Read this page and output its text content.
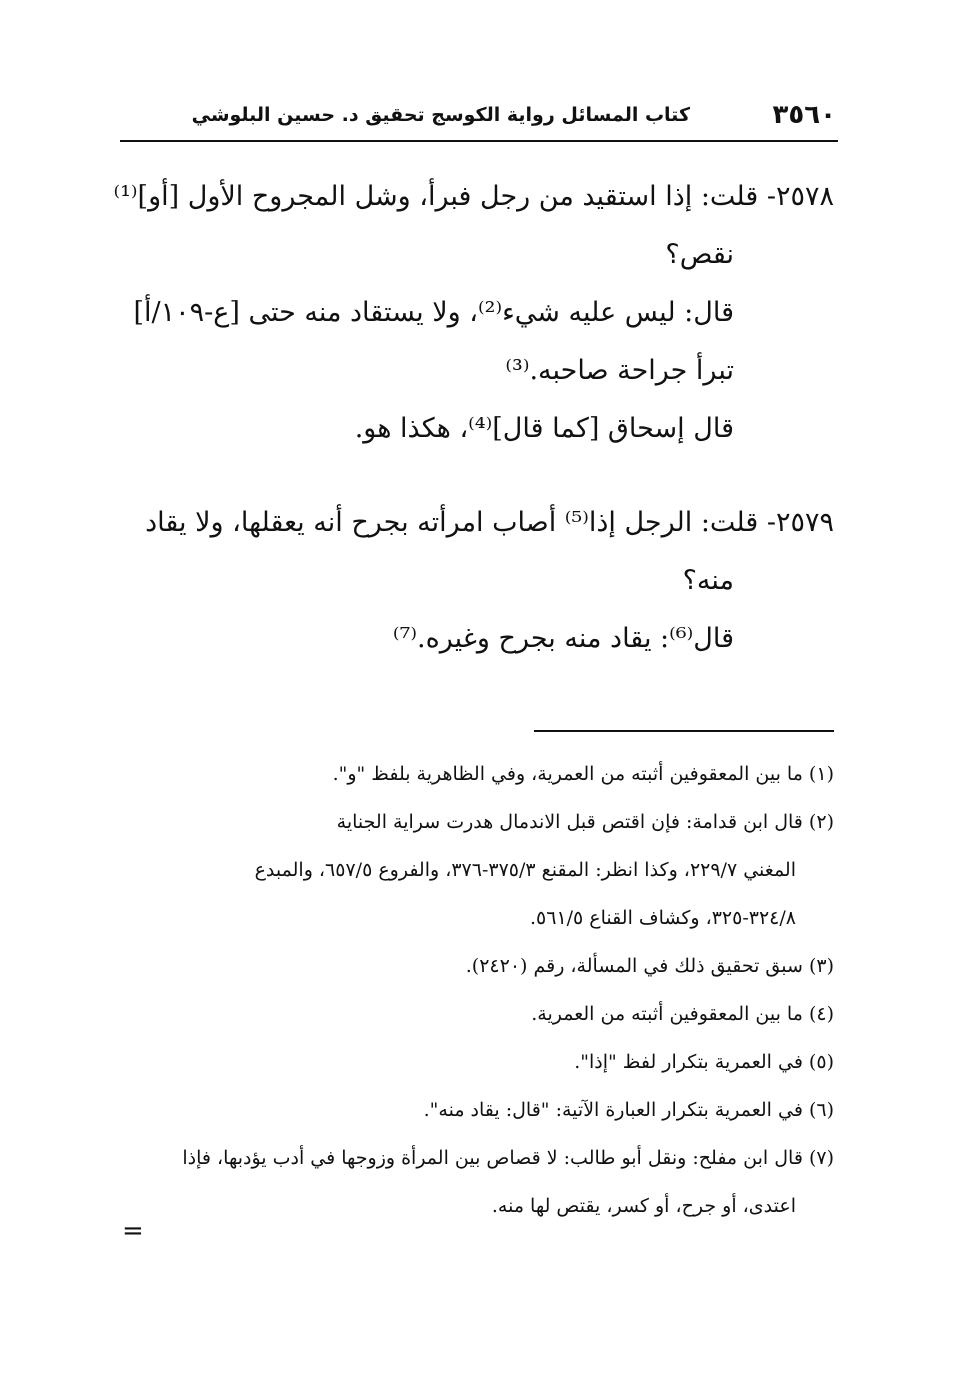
٣٥٦٠
كتاب المسائل رواية الكوسج تحقيق د. حسين البلوشي

٢٥٧٨- قلت: إذا استقيد من رجل فبرأ، وشل المجروح الأول [أو]⁽¹⁾

نقص؟

قال: ليس عليه شيء⁽²⁾، ولا يستقاد منه حتى [ع-١٠٩/أ]

تبرأ جراحة صاحبه.⁽³⁾

قال إسحاق [كما قال]⁽⁴⁾، هكذا هو.

٢٥٧٩- قلت: الرجل إذا⁽⁵⁾ أصاب امرأته بجرح أنه يعقلها، ولا يقاد

منه؟

قال⁽⁶⁾: يقاد منه بجرح وغيره.⁽⁷⁾

(١) ما بين المعقوفين أثبته من العمرية، وفي الظاهرية بلفظ "و".

(٢) قال ابن قدامة: فإن اقتص قبل الاندمال هدرت سراية الجناية

المغني ٢٢٩/٧، وكذا انظر: المقنع ٣٧٥/٣-٣٧٦، والفروع ٦٥٧/٥، والمبدع

٣٢٤/٨-٣٢٥، وكشاف القناع ٥٦١/٥.

(٣) سبق تحقيق ذلك في المسألة، رقم (٢٤٢٠).

(٤) ما بين المعقوفين أثبته من العمرية.

(٥) في العمرية بتكرار لفظ "إذا".

(٦) في العمرية بتكرار العبارة الآتية: "قال: يقاد منه".

(٧) قال ابن مفلح: ونقل أبو طالب: لا قصاص بين المرأة وزوجها في أدب يؤدبها، فإذا

اعتدى، أو جرح، أو كسر، يقتص لها منه.

=
